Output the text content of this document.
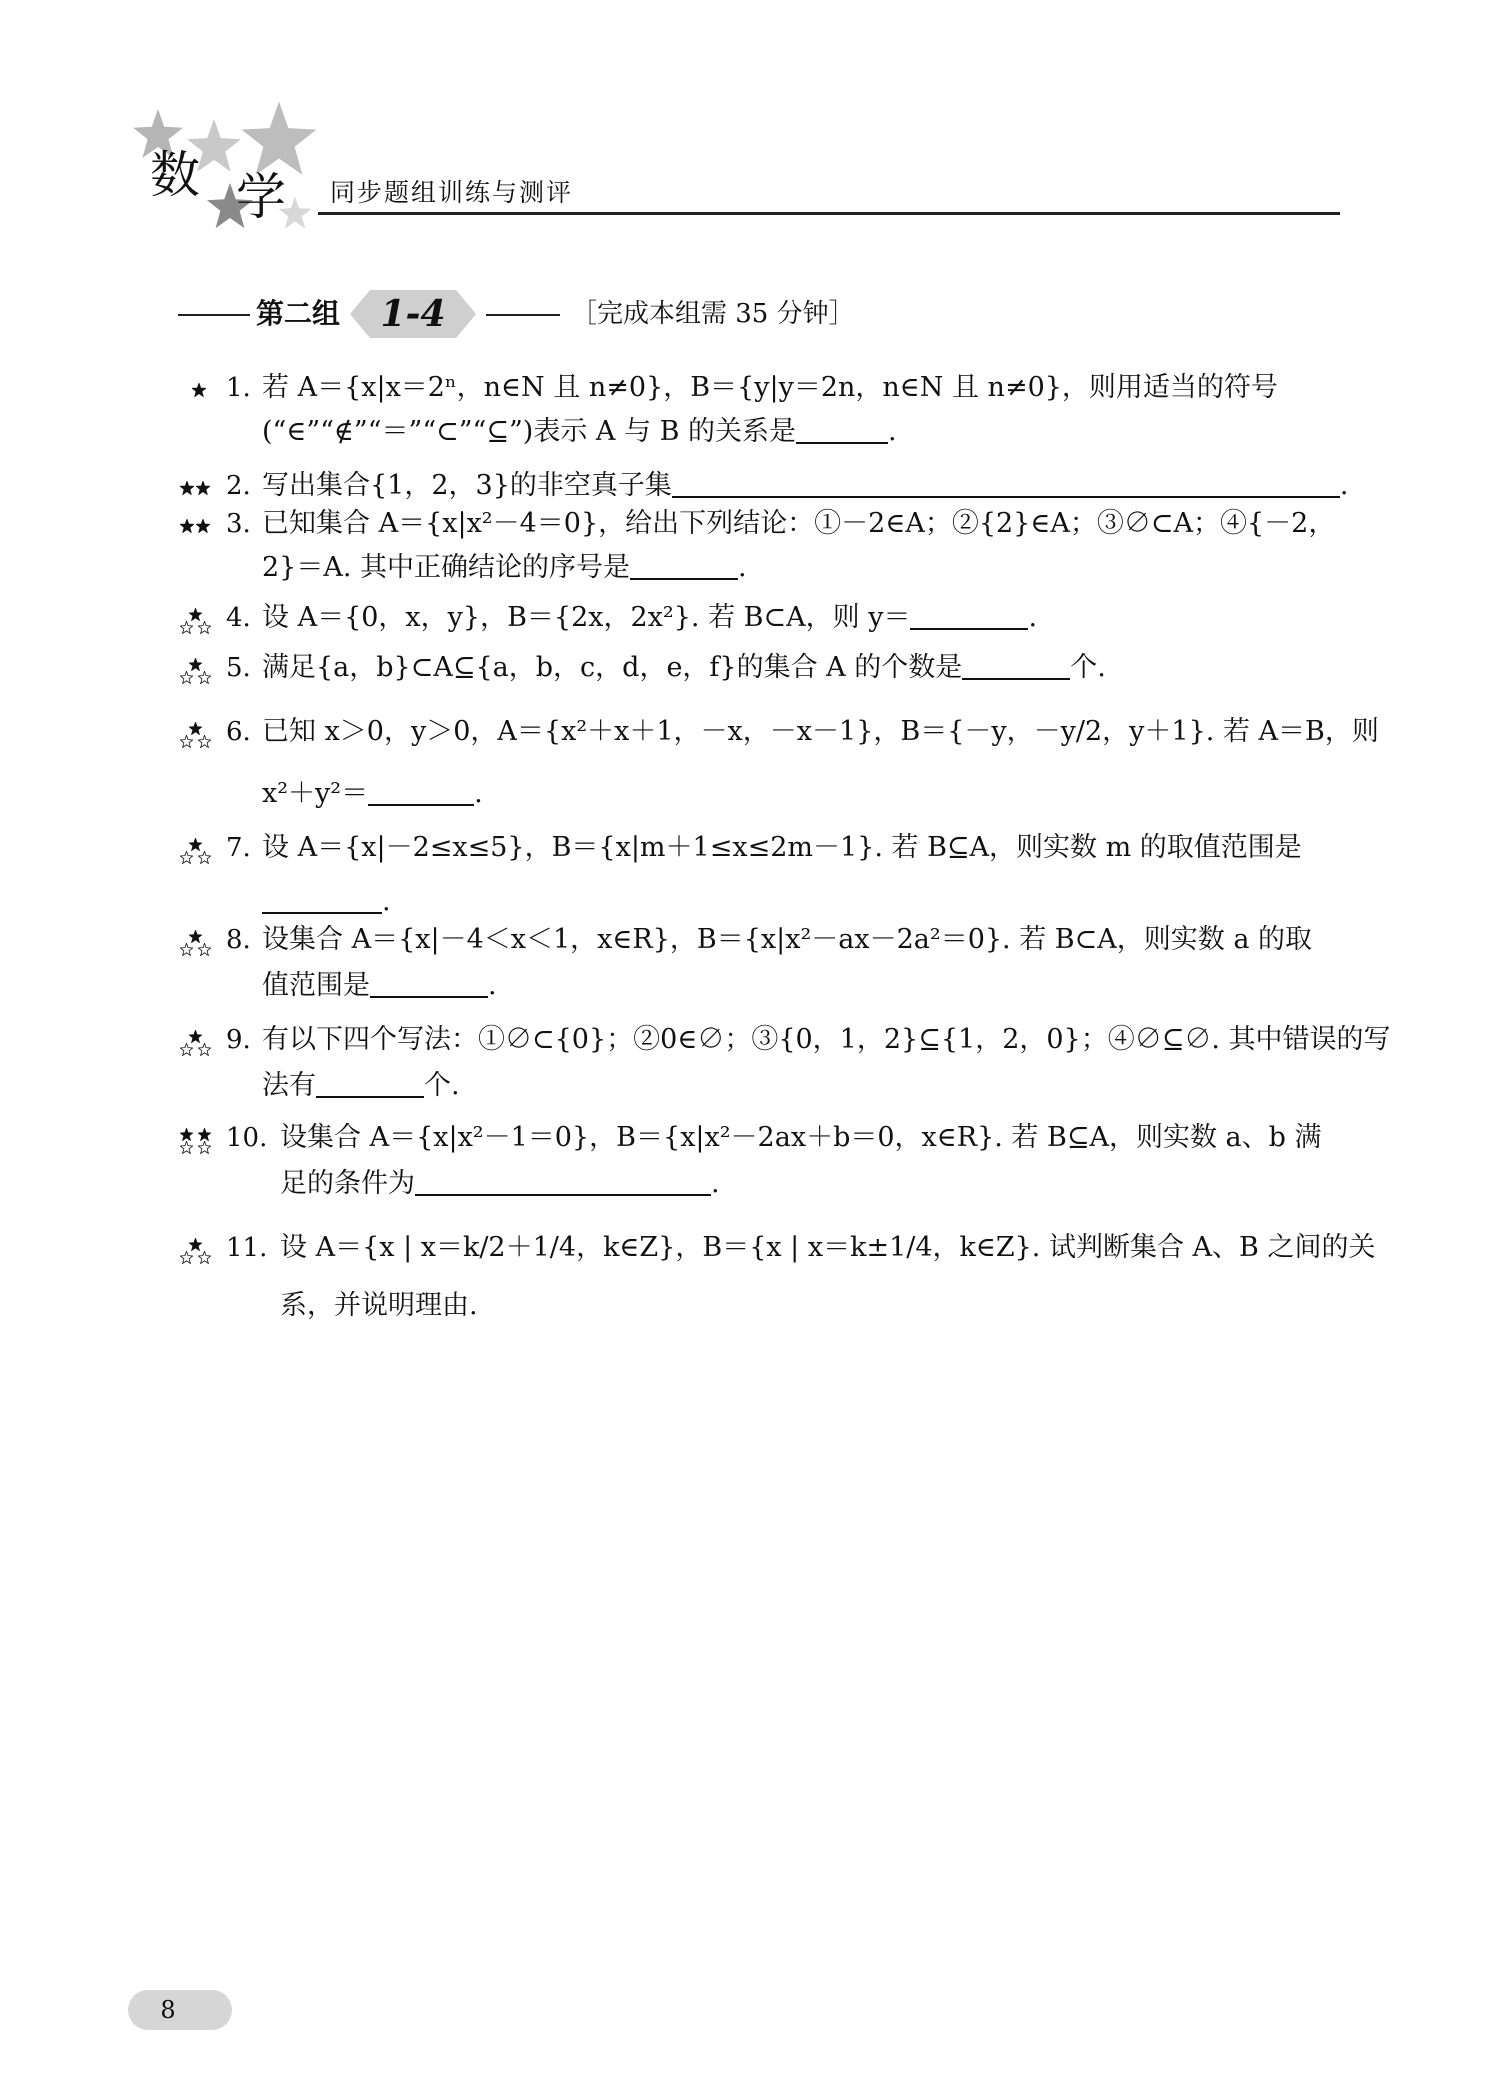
数 学 同步题组训练与测评
第二组	1-4	［完成本组需 35 分钟］
1. 若 A＝{x|x＝2ⁿ，n∈N 且 n≠0}，B＝{y|y＝2n，n∈N 且 n≠0}，则用适当的符号
(“∈”“∉”“＝”“⊂”“⊆”)表示 A 与 B 的关系是	.
2. 写出集合{1，2，3}的非空真子集	.
3. 已知集合 A＝{x|x²－4＝0}，给出下列结论：①－2∈A；②{2}∈A；③∅⊂A；④{－2，
2}＝A. 其中正确结论的序号是	.
4. 设 A＝{0，x，y}，B＝{2x，2x²}. 若 B⊂A，则 y＝	.
5. 满足{a，b}⊂A⊆{a，b，c，d，e，f}的集合 A 的个数是	个.
6. 已知 x＞0，y＞0，A＝{x²＋x＋1，－x，－x－1}，B＝{－y，－y/2，y＋1}. 若 A＝B，则
x²＋y²＝	.
7. 设 A＝{x|－2≤x≤5}，B＝{x|m＋1≤x≤2m－1}. 若 B⊆A，则实数 m 的取值范围是
.
8. 设集合 A＝{x|－4＜x＜1，x∈R}，B＝{x|x²－ax－2a²＝0}. 若 B⊂A，则实数 a 的取
值范围是	.
9. 有以下四个写法：①∅⊂{0}；②0∈∅；③{0，1，2}⊆{1，2，0}；④∅⊆∅. 其中错误的写
法有	个.
10. 设集合 A＝{x|x²－1＝0}，B＝{x|x²－2ax＋b＝0，x∈R}. 若 B⊆A，则实数 a、b 满
足的条件为	.
11. 设 A＝{x | x＝k/2＋1/4，k∈Z}，B＝{x | x＝k±1/4，k∈Z}. 试判断集合 A、B 之间的关
系，并说明理由.
8
